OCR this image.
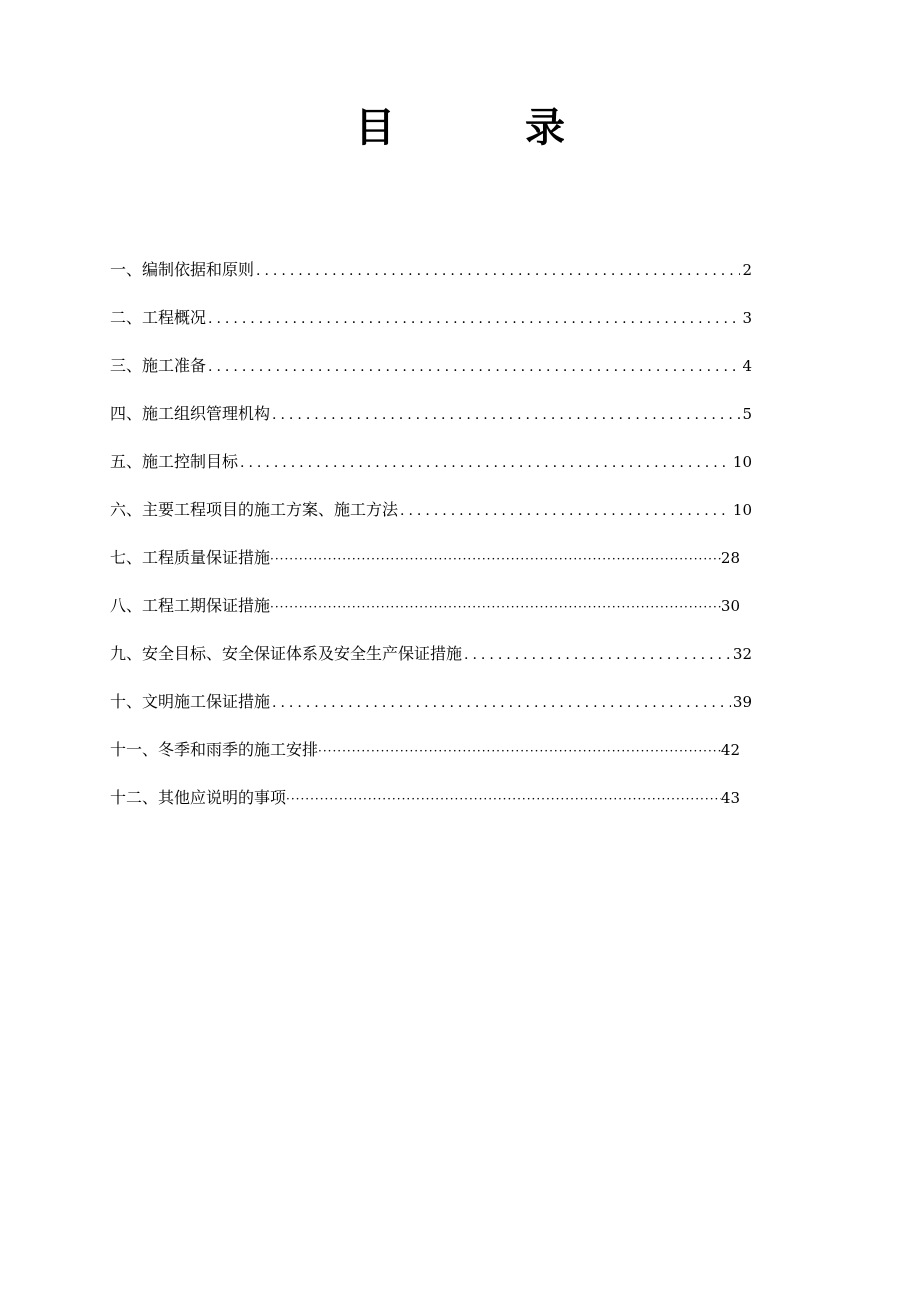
目	录
一、编制依据和原则 .....	2
二、工程概况 .....	3
三、施工准备 .....	4
四、施工组织管理机构 .....	5
五、施工控制目标 .....	10
六、主要工程项目的施工方案、施工方法 .....	10
七、工程质量保证措施 ·····	28
八、工程工期保证措施 ·····	30
九、安全目标、安全保证体系及安全生产保证措施 .....	32
十、文明施工保证措施 .....	39
十一、冬季和雨季的施工安排 ·····	42
十二、其他应说明的事项 ·····	43
